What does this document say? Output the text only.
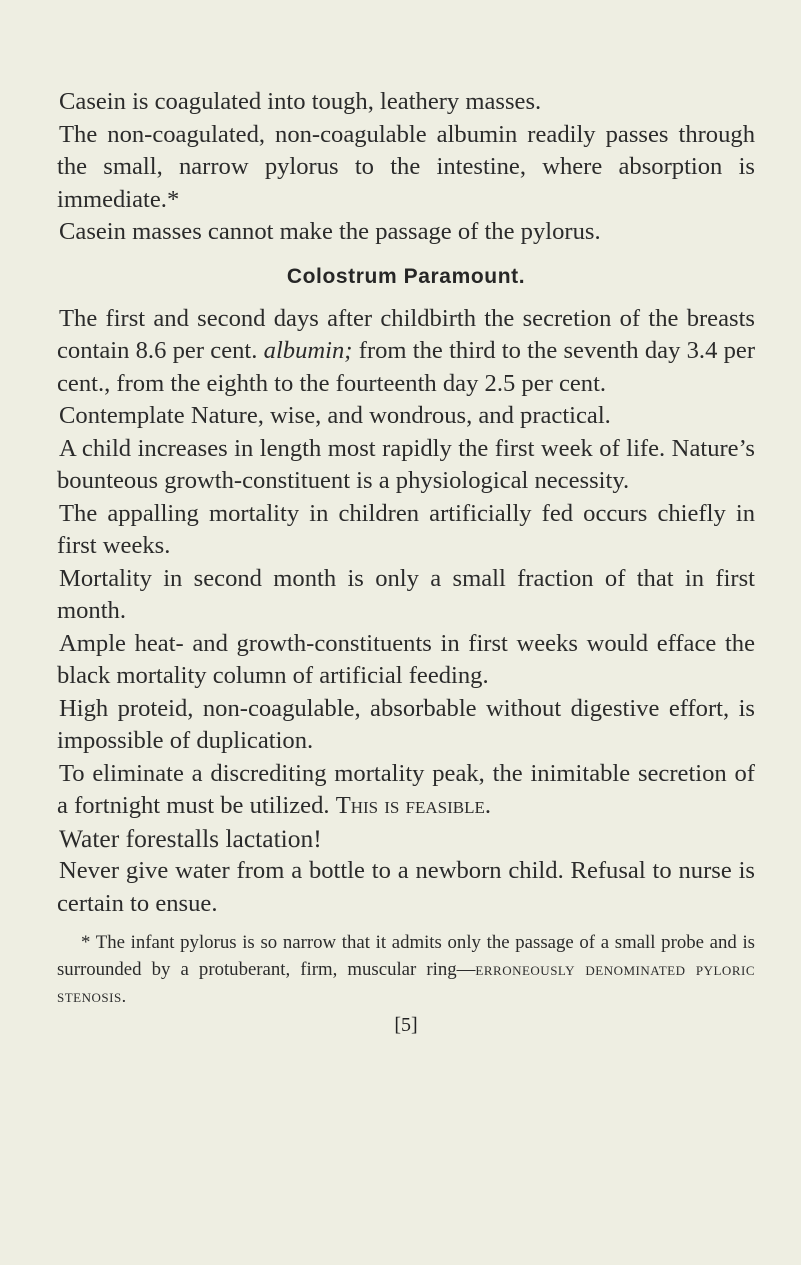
Casein is coagulated into tough, leathery masses.

The non-coagulated, non-coagulable albumin readily passes through the small, narrow pylorus to the intestine, where absorption is immediate.*

Casein masses cannot make the passage of the pylorus.

Colostrum Paramount.

The first and second days after childbirth the secretion of the breasts contain 8.6 per cent. albumin; from the third to the seventh day 3.4 per cent., from the eighth to the fourteenth day 2.5 per cent.

Contemplate Nature, wise, and wondrous, and practical.

A child increases in length most rapidly the first week of life. Nature’s bounteous growth-constituent is a physiological necessity.

The appalling mortality in children artificially fed occurs chiefly in first weeks.

Mortality in second month is only a small fraction of that in first month.

Ample heat- and growth-constituents in first weeks would efface the black mortality column of artificial feeding.

High proteid, non-coagulable, absorbable without digestive effort, is impossible of duplication.

To eliminate a discrediting mortality peak, the inimitable secretion of a fortnight must be utilized. This is feasible.

Water forestalls lactation!

Never give water from a bottle to a newborn child. Refusal to nurse is certain to ensue.

* The infant pylorus is so narrow that it admits only the passage of a small probe and is surrounded by a protuberant, firm, muscular ring—erroneously denominated pyloric stenosis.

[5]
